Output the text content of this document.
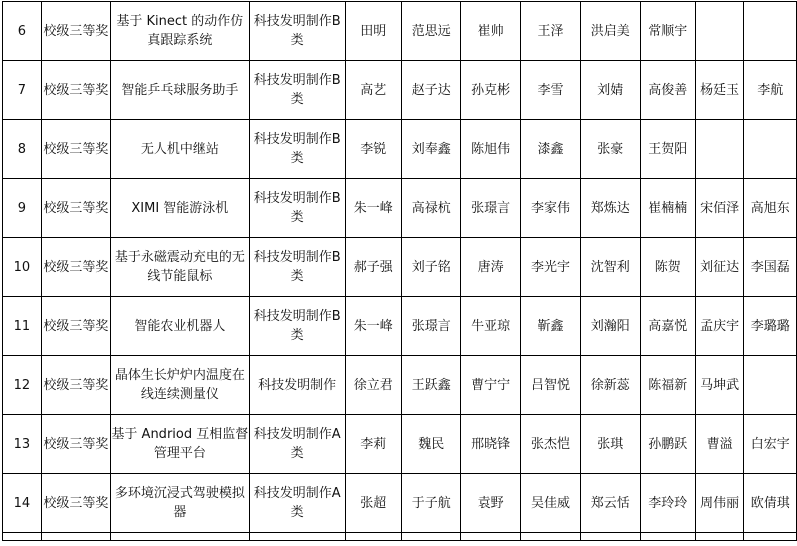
6	校级三等奖	基于 Kinect 的动作仿真跟踪系统	科技发明制作B类	田明	范思远	崔帅	王泽	洪启美	常顺宇		
7	校级三等奖	智能乒乓球服务助手	科技发明制作B类	高艺	赵子达	孙克彬	李雪	刘婧	高俊善	杨廷玉	李航
8	校级三等奖	无人机中继站	科技发明制作B类	李锐	刘奉鑫	陈旭伟	漆鑫	张豪	王贺阳		
9	校级三等奖	XIMI 智能游泳机	科技发明制作B类	朱一峰	高禄杭	张璟言	李家伟	郑炼达	崔楠楠	宋佰泽	高旭东
10	校级三等奖	基于永磁震动充电的无线节能鼠标	科技发明制作B类	郝子强	刘子铭	唐涛	李光宇	沈智利	陈贺	刘征达	李国磊
11	校级三等奖	智能农业机器人	科技发明制作B类	朱一峰	张璟言	牛亚琼	靳鑫	刘瀚阳	高嘉悦	孟庆宇	李璐璐
12	校级三等奖	晶体生长炉炉内温度在线连续测量仪	科技发明制作	徐立君	王跃鑫	曹宁宁	吕智悦	徐新蕊	陈福新	马坤武	
13	校级三等奖	基于 Andriod 互相监督管理平台	科技发明制作A类	李莉	魏民	邢晓锋	张杰恺	张琪	孙鹏跃	曹溢	白宏宇
14	校级三等奖	多环境沉浸式驾驶模拟器	科技发明制作A类	张超	于子航	袁野	吴佳威	郑云恬	李玲玲	周伟丽	欧倩琪
